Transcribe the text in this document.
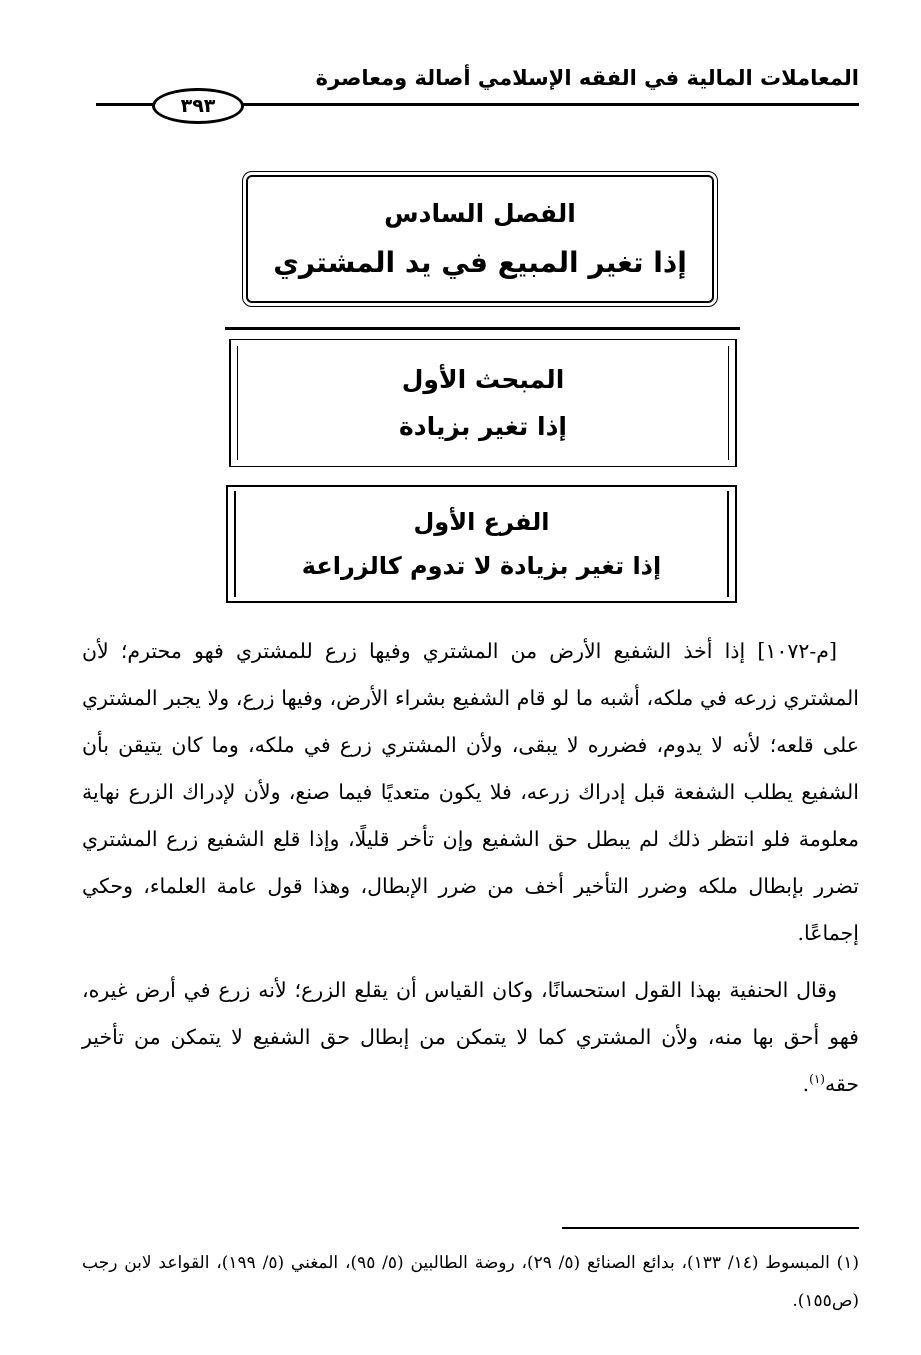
المعاملات المالية في الفقه الإسلامي أصالة ومعاصرة
٣٩٣
الفصل السادس
إذا تغير المبيع في يد المشتري
المبحث الأول
إذا تغير بزيادة
الفرع الأول
إذا تغير بزيادة لا تدوم كالزراعة

[م-١٠٧٢] إذا أخذ الشفيع الأرض من المشتري وفيها زرع للمشتري فهو محترم؛ لأن المشتري زرعه في ملكه، أشبه ما لو قام الشفيع بشراء الأرض، وفيها زرع، ولا يجبر المشتري على قلعه؛ لأنه لا يدوم، فضرره لا يبقى، ولأن المشتري زرع في ملكه، وما كان يتيقن بأن الشفيع يطلب الشفعة قبل إدراك زرعه، فلا يكون متعديًا فيما صنع، ولأن لإدراك الزرع نهاية معلومة فلو انتظر ذلك لم يبطل حق الشفيع وإن تأخر قليلًا، وإذا قلع الشفيع زرع المشتري تضرر بإبطال ملكه وضرر التأخير أخف من ضرر الإبطال، وهذا قول عامة العلماء، وحكي إجماعًا.

وقال الحنفية بهذا القول استحسانًا، وكان القياس أن يقلع الزرع؛ لأنه زرع في أرض غيره، فهو أحق بها منه، ولأن المشتري كما لا يتمكن من إبطال حق الشفيع لا يتمكن من تأخير حقه$^{(١)}$.

(١) المبسوط (١٤/ ١٣٣)، بدائع الصنائع (٥/ ٢٩)، روضة الطالبين (٥/ ٩٥)، المغني (٥/ ١٩٩)، القواعد لابن رجب (ص١٥٥).
